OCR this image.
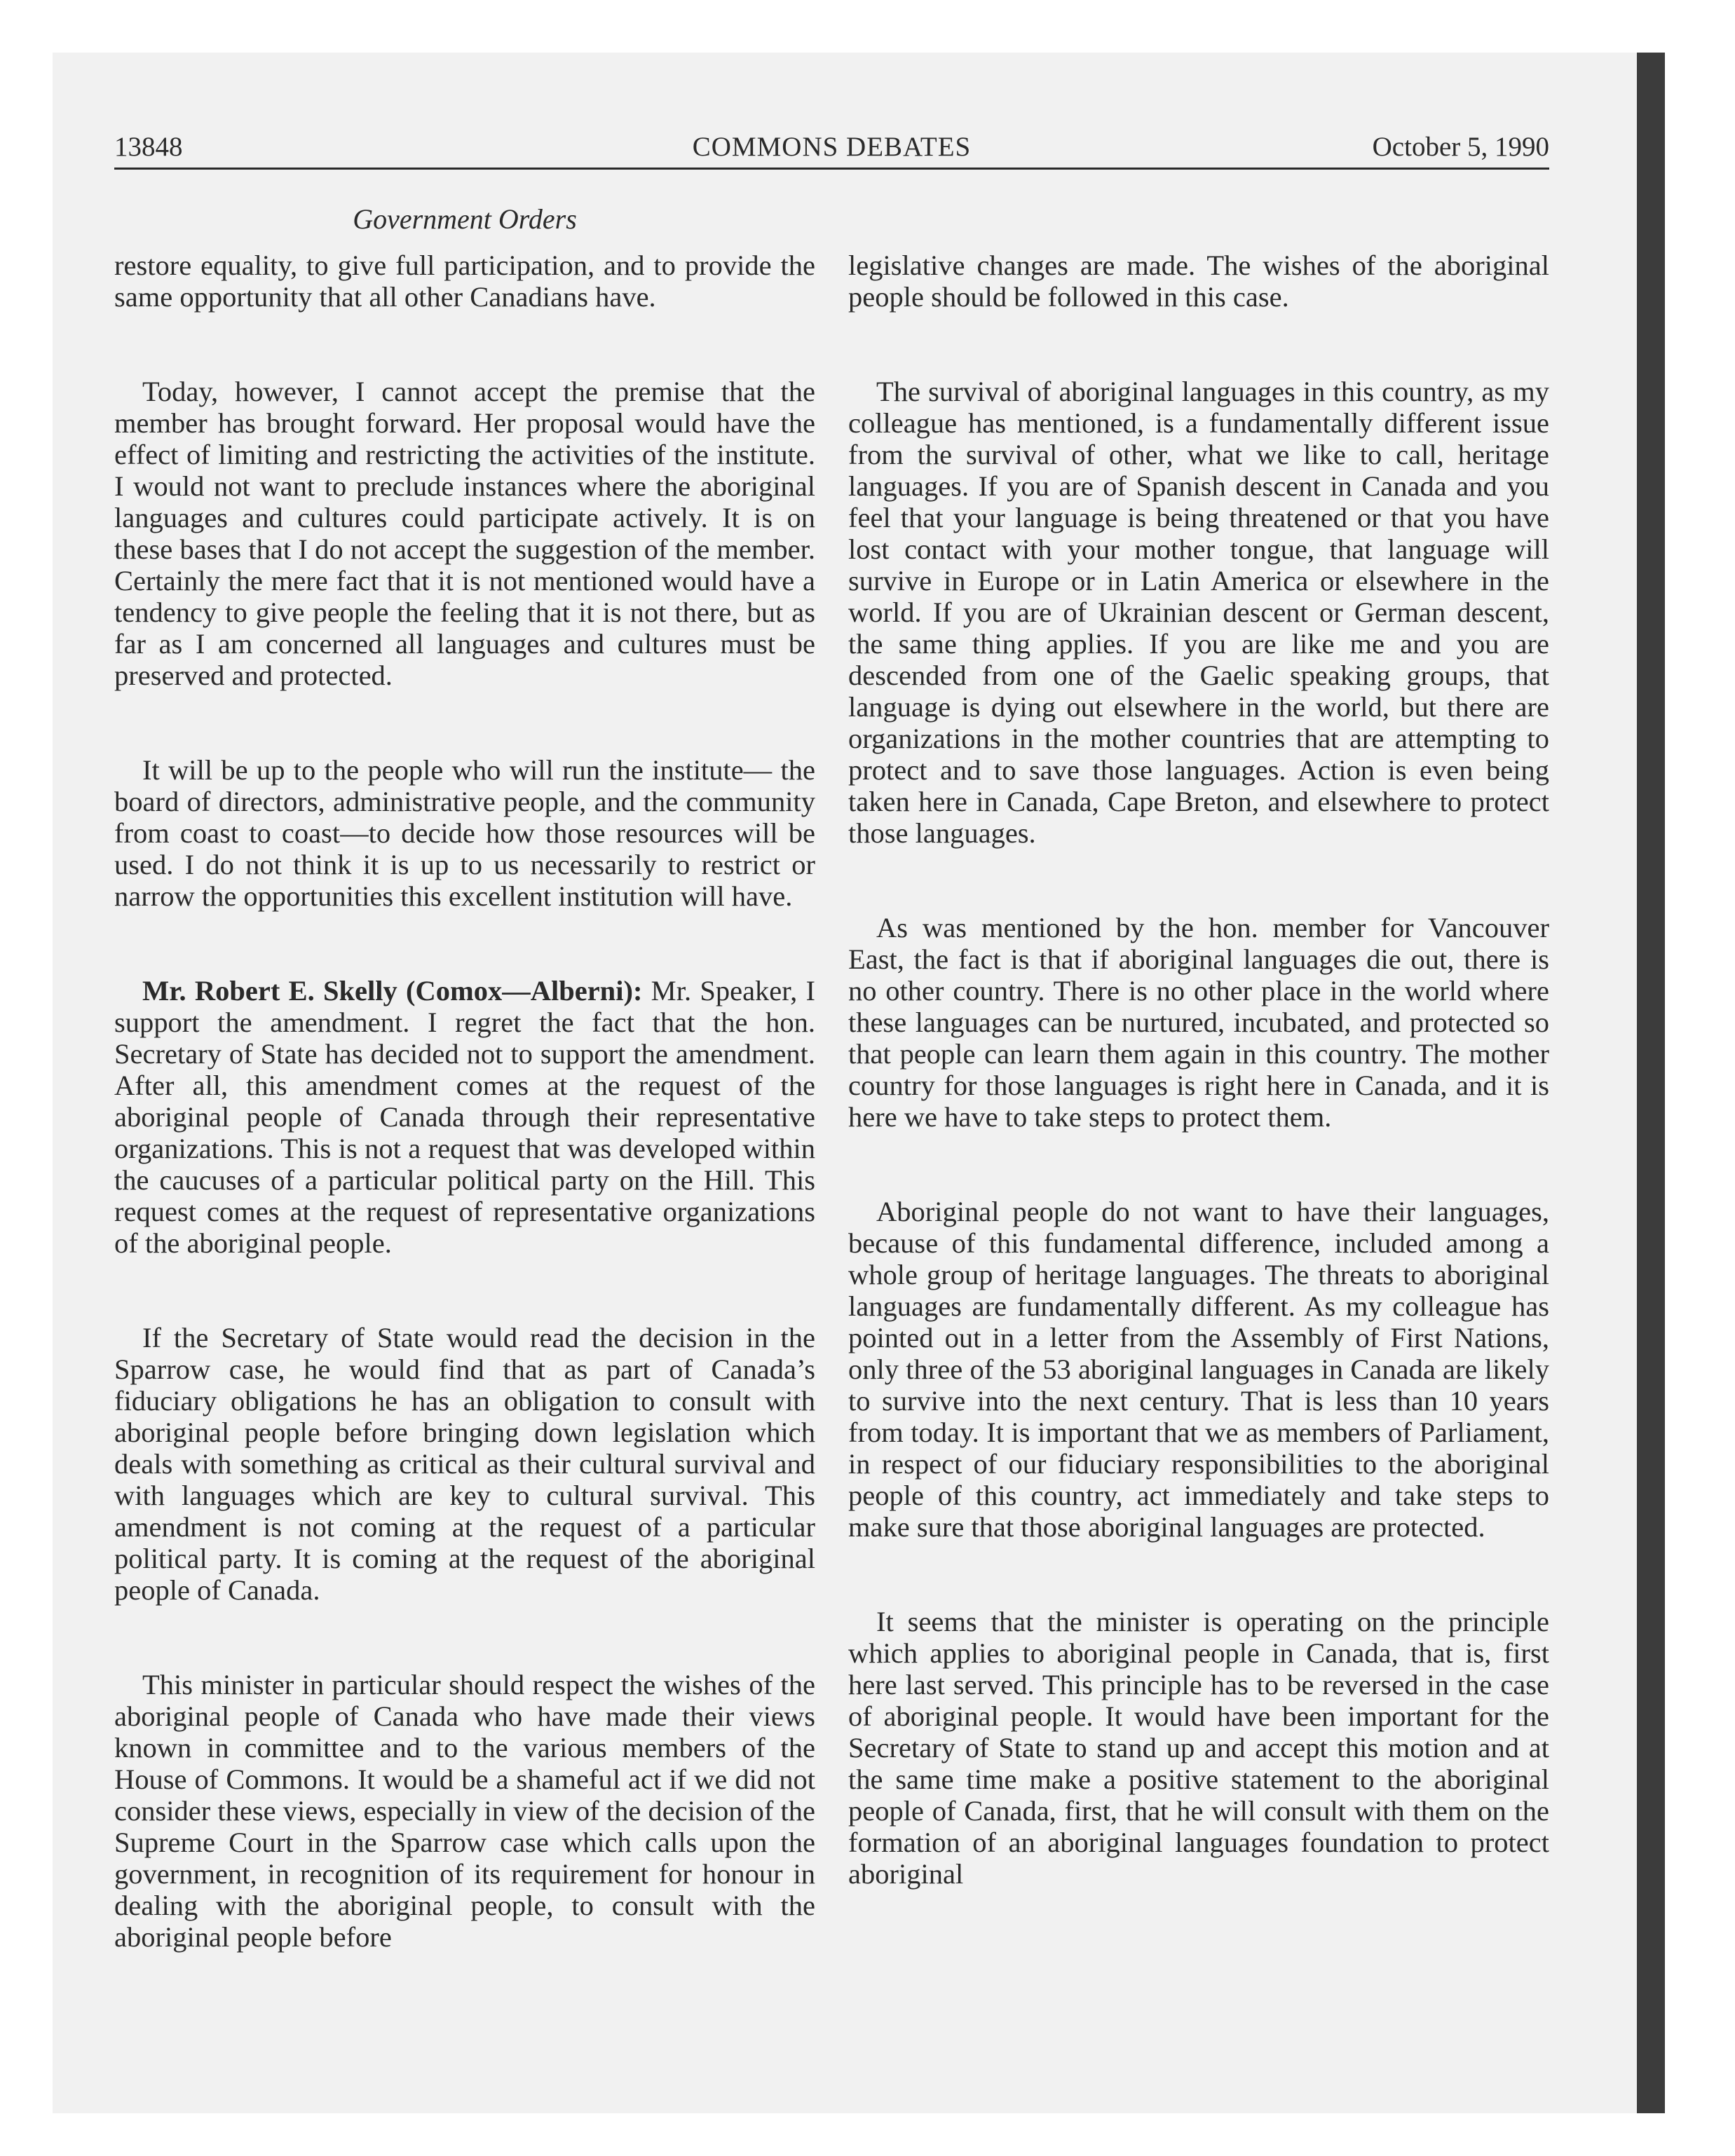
13848	COMMONS DEBATES	October 5, 1990
Government Orders

restore equality, to give full participation, and to provide the same opportunity that all other Canadians have.

Today, however, I cannot accept the premise that the member has brought forward. Her proposal would have the effect of limiting and restricting the activities of the institute. I would not want to preclude instances where the aboriginal languages and cultures could participate actively. It is on these bases that I do not accept the suggestion of the member. Certainly the mere fact that it is not mentioned would have a tendency to give people the feeling that it is not there, but as far as I am concerned all languages and cultures must be preserved and protected.

It will be up to the people who will run the institute— the board of directors, administrative people, and the community from coast to coast—to decide how those resources will be used. I do not think it is up to us necessarily to restrict or narrow the opportunities this excellent institution will have.

Mr. Robert E. Skelly (Comox—Alberni): Mr. Speaker, I support the amendment. I regret the fact that the hon. Secretary of State has decided not to support the amendment. After all, this amendment comes at the request of the aboriginal people of Canada through their representative organizations. This is not a request that was developed within the caucuses of a particular political party on the Hill. This request comes at the request of representative organizations of the aboriginal people.

If the Secretary of State would read the decision in the Sparrow case, he would find that as part of Canada’s fiduciary obligations he has an obligation to consult with aboriginal people before bringing down legislation which deals with something as critical as their cultural survival and with languages which are key to cultural survival. This amendment is not coming at the request of a particular political party. It is coming at the request of the aboriginal people of Canada.

This minister in particular should respect the wishes of the aboriginal people of Canada who have made their views known in committee and to the various members of the House of Commons. It would be a shameful act if we did not consider these views, especially in view of the decision of the Supreme Court in the Sparrow case which calls upon the government, in recognition of its requirement for honour in dealing with the aboriginal people, to consult with the aboriginal people before

legislative changes are made. The wishes of the aboriginal people should be followed in this case.

The survival of aboriginal languages in this country, as my colleague has mentioned, is a fundamentally different issue from the survival of other, what we like to call, heritage languages. If you are of Spanish descent in Canada and you feel that your language is being threatened or that you have lost contact with your mother tongue, that language will survive in Europe or in Latin America or elsewhere in the world. If you are of Ukrainian descent or German descent, the same thing applies. If you are like me and you are descended from one of the Gaelic speaking groups, that language is dying out elsewhere in the world, but there are organizations in the mother countries that are attempting to protect and to save those languages. Action is even being taken here in Canada, Cape Breton, and elsewhere to protect those languages.

As was mentioned by the hon. member for Vancouver East, the fact is that if aboriginal languages die out, there is no other country. There is no other place in the world where these languages can be nurtured, incubated, and protected so that people can learn them again in this country. The mother country for those languages is right here in Canada, and it is here we have to take steps to protect them.

Aboriginal people do not want to have their languages, because of this fundamental difference, included among a whole group of heritage languages. The threats to aboriginal languages are fundamentally different. As my colleague has pointed out in a letter from the Assembly of First Nations, only three of the 53 aboriginal languages in Canada are likely to survive into the next century. That is less than 10 years from today. It is important that we as members of Parliament, in respect of our fiduciary responsibilities to the aboriginal people of this country, act immediately and take steps to make sure that those aboriginal languages are protected.

It seems that the minister is operating on the principle which applies to aboriginal people in Canada, that is, first here last served. This principle has to be reversed in the case of aboriginal people. It would have been important for the Secretary of State to stand up and accept this motion and at the same time make a positive statement to the aboriginal people of Canada, first, that he will consult with them on the formation of an aboriginal languages foundation to protect aboriginal
